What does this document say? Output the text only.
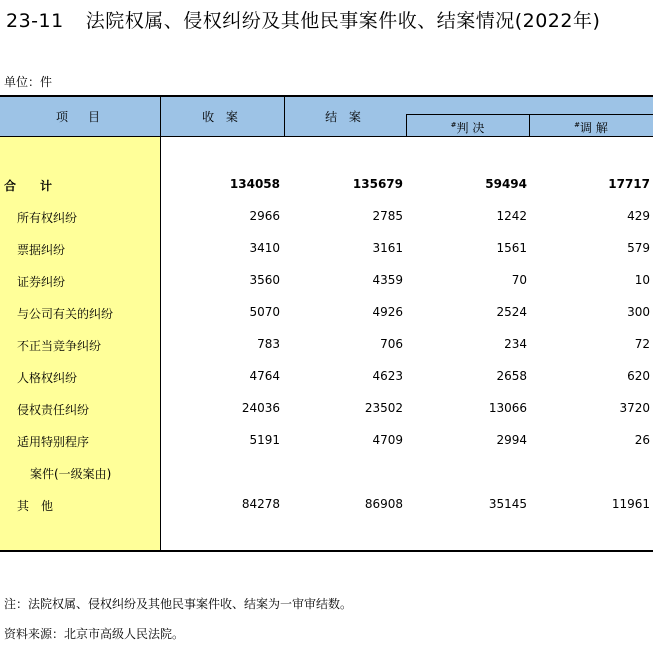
23-11 法院权属、侵权纠纷及其他民事案件收、结案情况(2022年)
单位：件
项　目	收 案	结 案
#判 决	#调 解
合　　计	134058	135679	59494	17717
所有权纠纷	2966	2785	1242	429
票据纠纷	3410	3161	1561	579
证券纠纷	3560	4359	70	10
与公司有关的纠纷	5070	4926	2524	300
不正当竞争纠纷	783	706	234	72
人格权纠纷	4764	4623	2658	620
侵权责任纠纷	24036	23502	13066	3720
适用特别程序	5191	4709	2994	26
案件(一级案由)
其　他	84278	86908	35145	11961
注：法院权属、侵权纠纷及其他民事案件收、结案为一审审结数。
资料来源：北京市高级人民法院。
